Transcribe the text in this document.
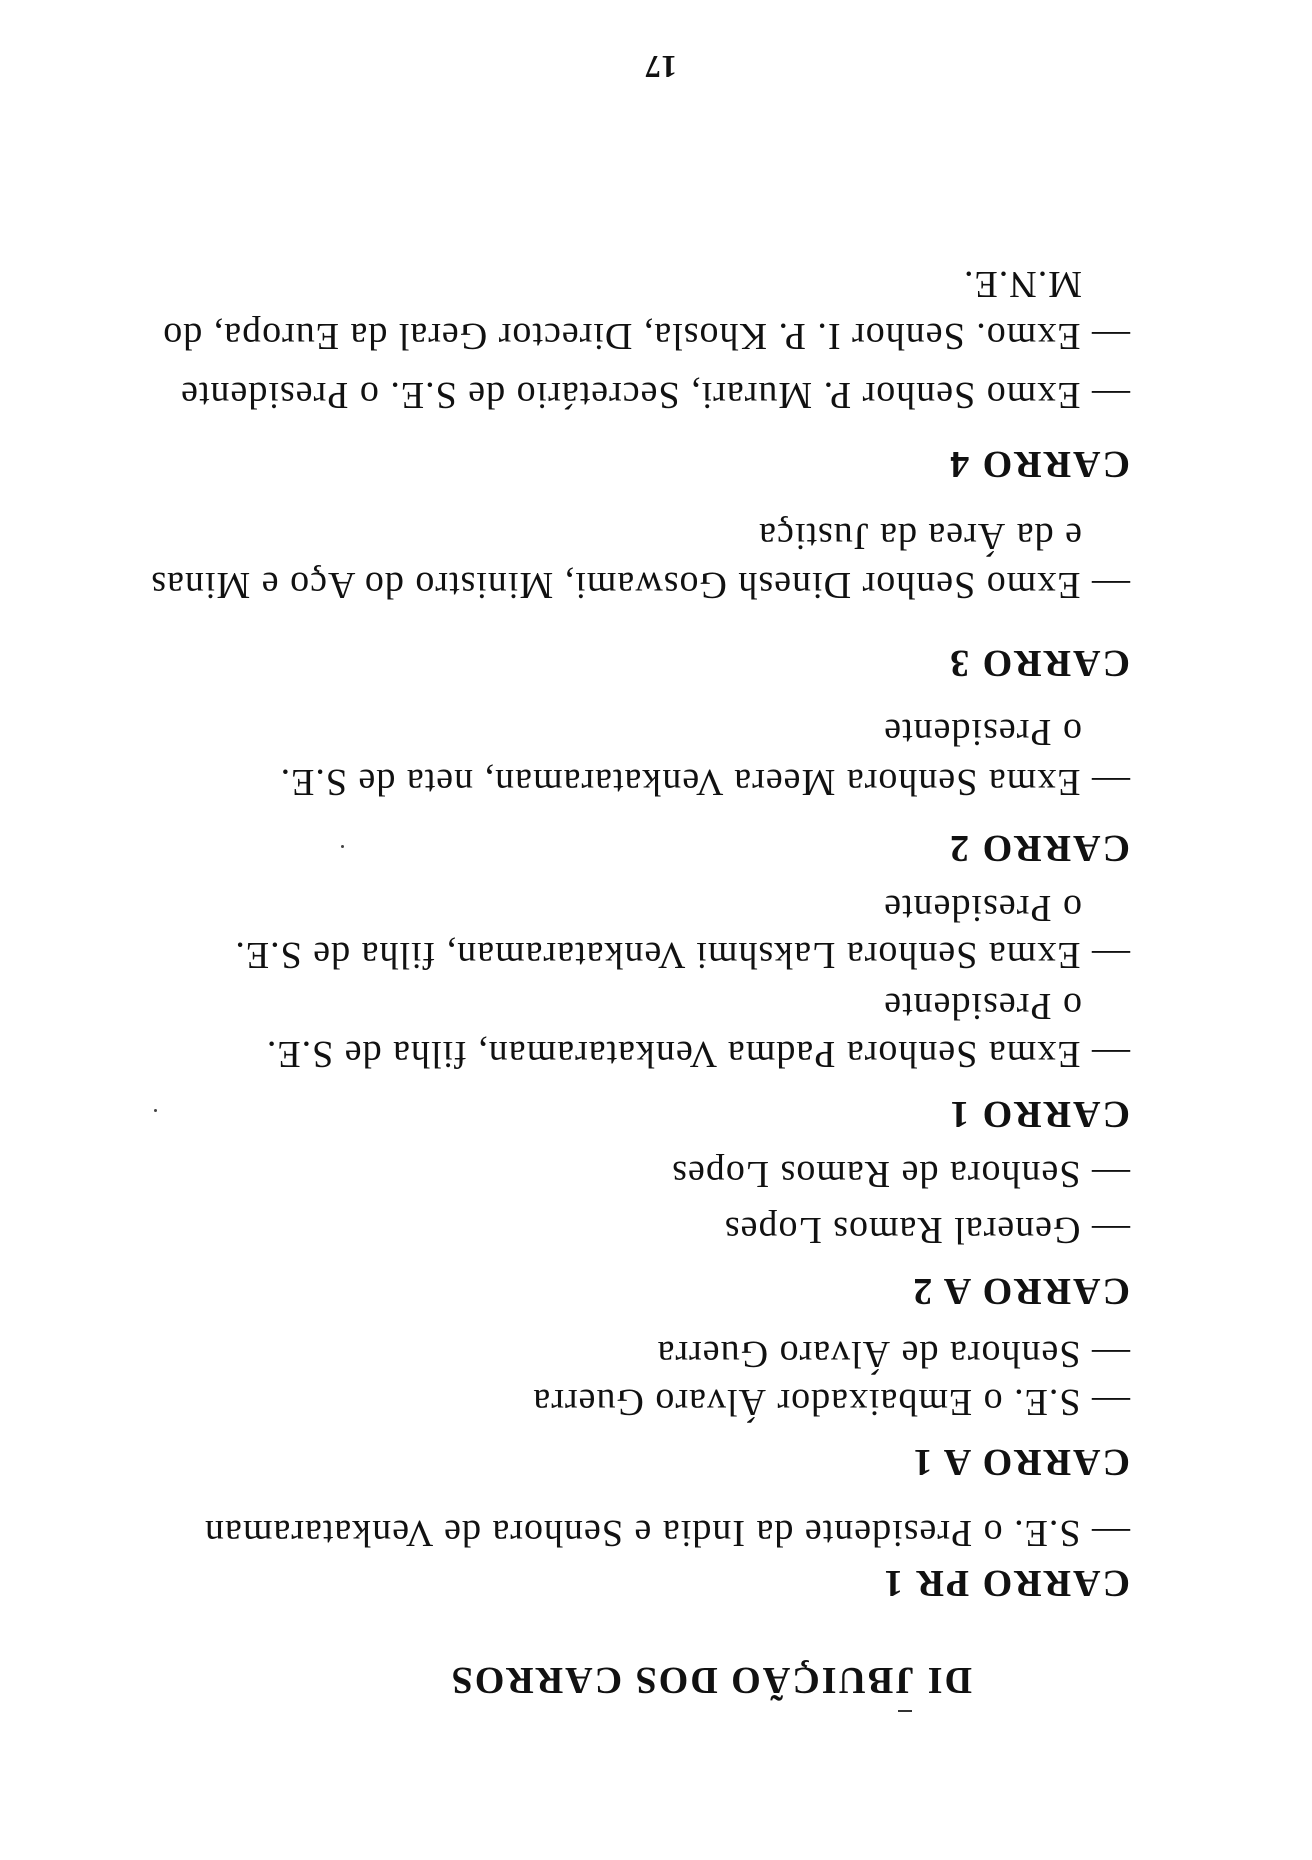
DI JBUIÇÃO DOS CARROS
CARRO PR 1
— S.E. o Presidente da India e Senhora de Venkataraman
CARRO A 1
— S.E. o Embaixador Álvaro Guerra
— Senhora de Álvaro Guerra
CARRO A 2
— General Ramos Lopes
— Senhora de Ramos Lopes
CARRO 1
— Exma Senhora Padma Venkataraman, filha de S.E.
o Presidente
— Exma Senhora Lakshmi Venkataraman, filha de S.E.
o Presidente
CARRO 2
— Exma Senhora Meera Venkataraman, neta de S.E.
o Presidente
CARRO 3
— Exmo Senhor Dinesh Goswami, Ministro do Aço e Minas
e da Área da Justiça
CARRO 4
— Exmo Senhor P. Murari, Secretário de S.E. o Presidente
— Exmo. Senhor I. P. Khosla, Director Geral da Europa, do
M.N.E.
17
